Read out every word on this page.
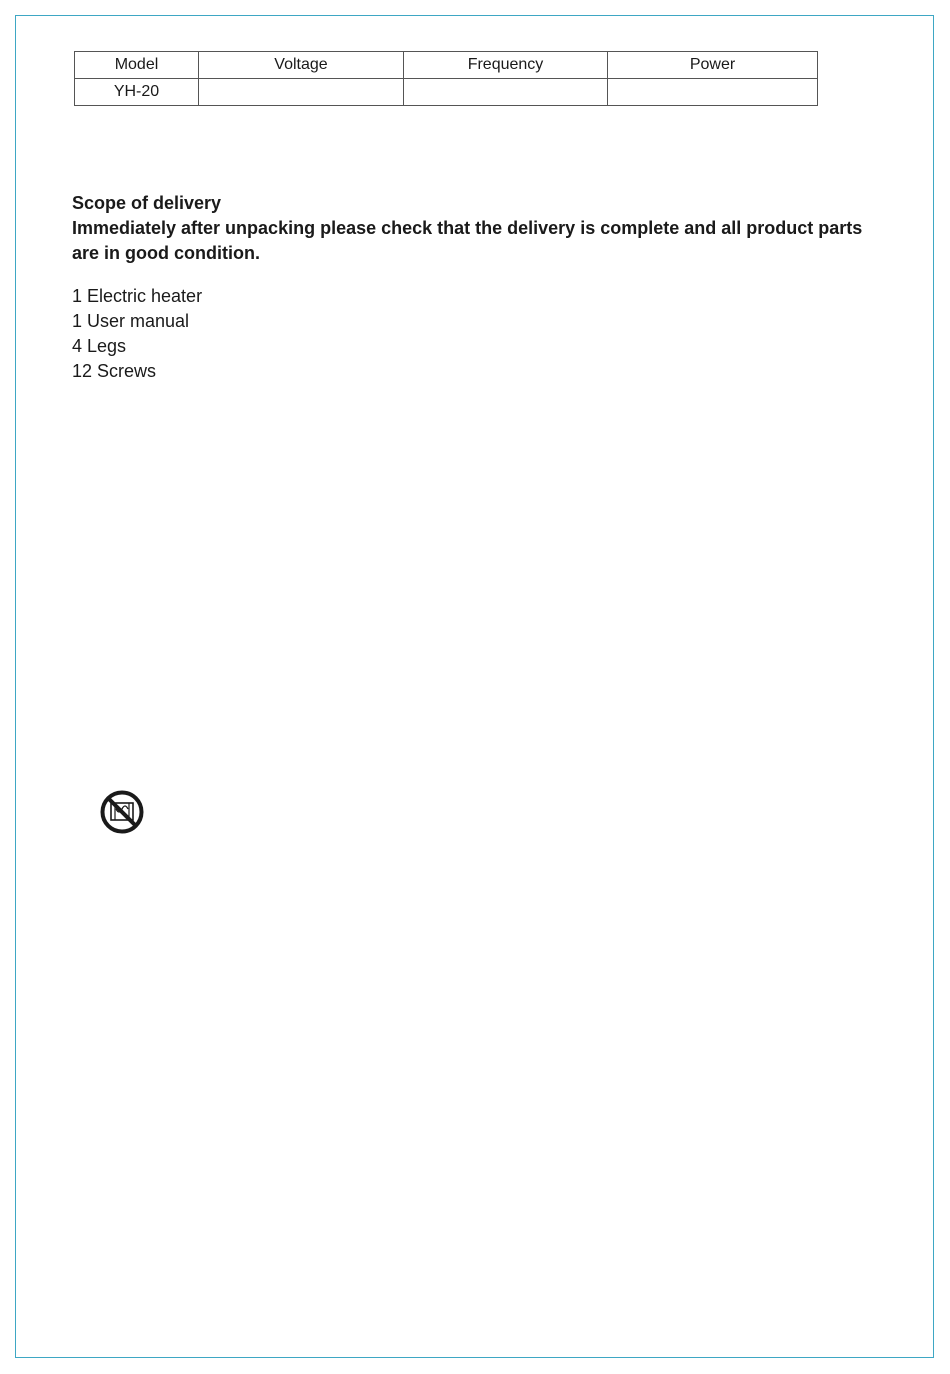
Model	Voltage	Frequency	Power
YH-20			
Scope of delivery
Immediately after unpacking please check that the delivery is complete and all product parts are in good condition.
1 Electric heater
1 User manual
4 Legs
12 Screws
